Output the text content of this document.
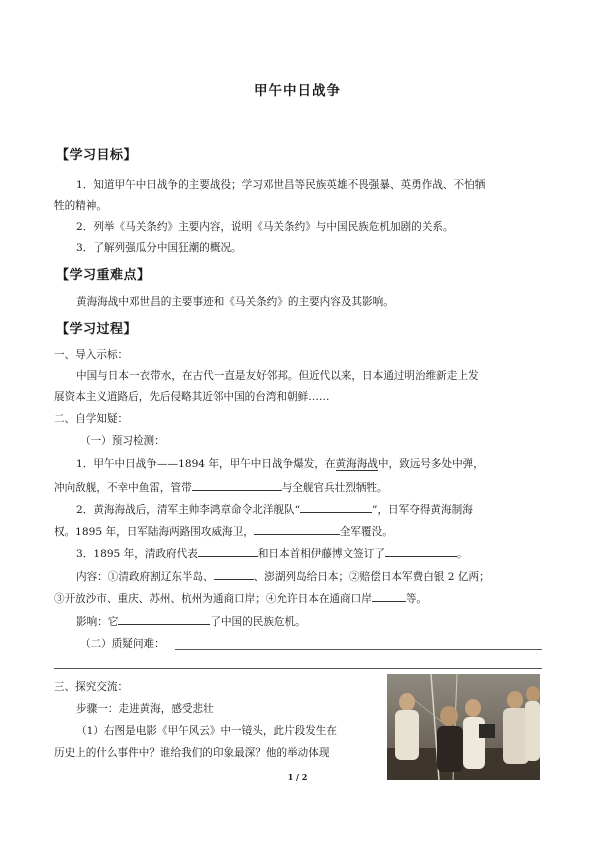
甲午中日战争
【学习目标】
1．知道甲午中日战争的主要战役；学习邓世昌等民族英雄不畏强暴、英勇作战、不怕牺
牲的精神。
2．列举《马关条约》主要内容，说明《马关条约》与中国民族危机加剧的关系。
3．了解列强瓜分中国狂潮的概况。
【学习重难点】
黄海海战中邓世昌的主要事迹和《马关条约》的主要内容及其影响。
【学习过程】
一、导入示标：
中国与日本一衣带水，在古代一直是友好邻邦。但近代以来，日本通过明治维新走上发
展资本主义道路后，先后侵略其近邻中国的台湾和朝鲜……
二、自学知疑：
（一）预习检测：
1．甲午中日战争——1894 年，甲午中日战争爆发，在黄海海战中，致远号多处中弹，
冲向敌舰，不幸中鱼雷，管带	与全舰官兵壮烈牺牲。
2．黄海海战后，清军主帅李鸿章命令北洋舰队“	”，日军夺得黄海制海
权。1895 年，日军陆海两路围攻威海卫，	全军覆没。
3．1895 年，清政府代表	和日本首相伊藤博文签订了	。
内容：①清政府割辽东半岛、	、澎湖列岛给日本；②赔偿日本军费白银 2 亿两；
③开放沙市、重庆、苏州、杭州为通商口岸；④允许日本在通商口岸	等。
影响：它	了中国的民族危机。
（二）质疑问难：
三、探究交流：
步骤一：走进黄海，感受悲壮
（1）右图是电影《甲午风云》中一镜头，此片段发生在
历史上的什么事件中？谁给我们的印象最深？他的举动体现
1 / 2
